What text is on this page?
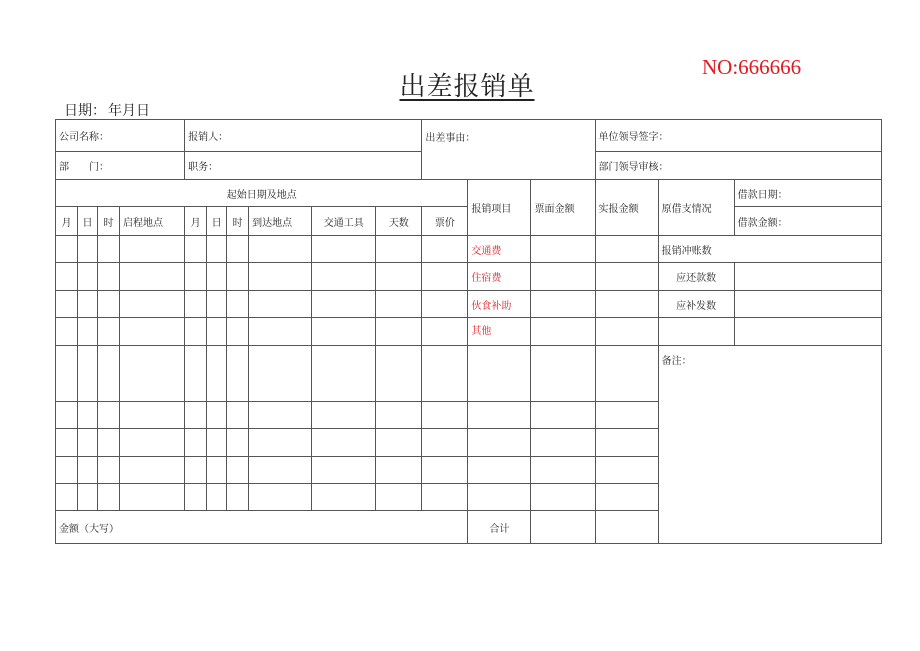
NO:666666
出差报销单
日期： 年月日
公司名称：				报销人：						出差事由：			单位领导签字：		
部 门：				职务：									部门领导审核：		
起始日期及地点											报销项目	票面金额	实报金额	原借支情况	借款日期：
月	日	时	启程地点	月	日	时	到达地点	交通工具	天数	票价					借款金额：
											交通费			报销冲账数	
											住宿费			应还款数	
											伙食补助			应补发数	
											其他				
														备注：	

金额（大写）											合计				
